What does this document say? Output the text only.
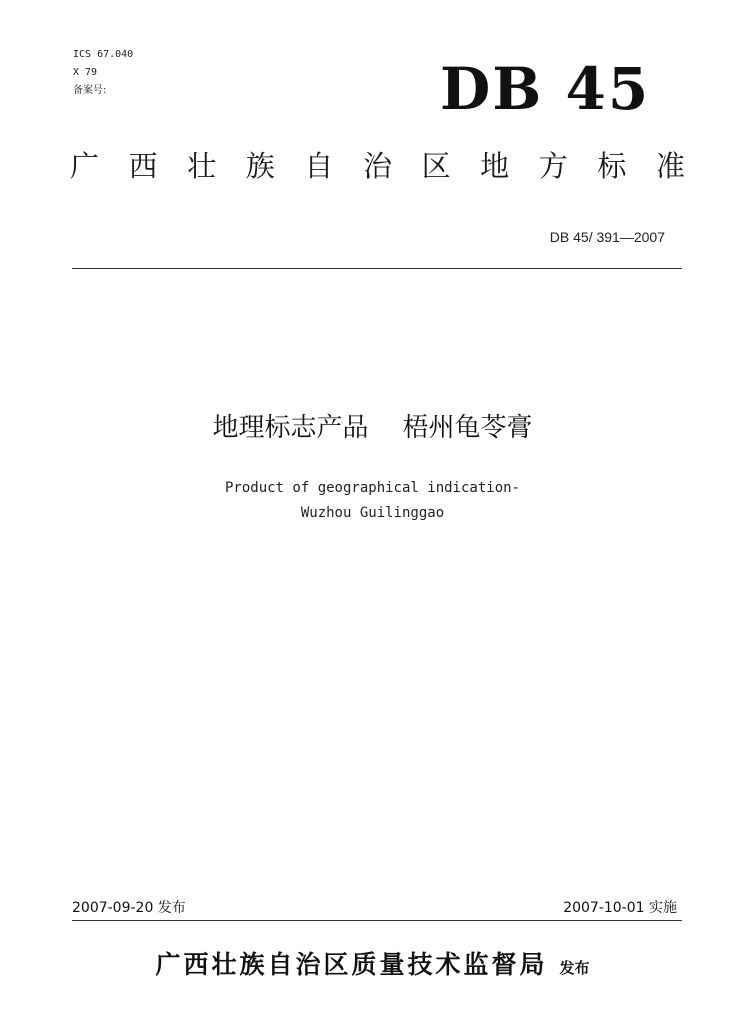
ICS 67.040
X 79
备案号:	DB 45
广 西 壮 族 自 治 区 地 方 标 准
DB 45/ 391—2007
地理标志产品 梧州龟苓膏
Product of geographical indication-
Wuzhou Guilinggao
2007-09-20 发布	2007-10-01 实施
广西壮族自治区质量技术监督局 发布
